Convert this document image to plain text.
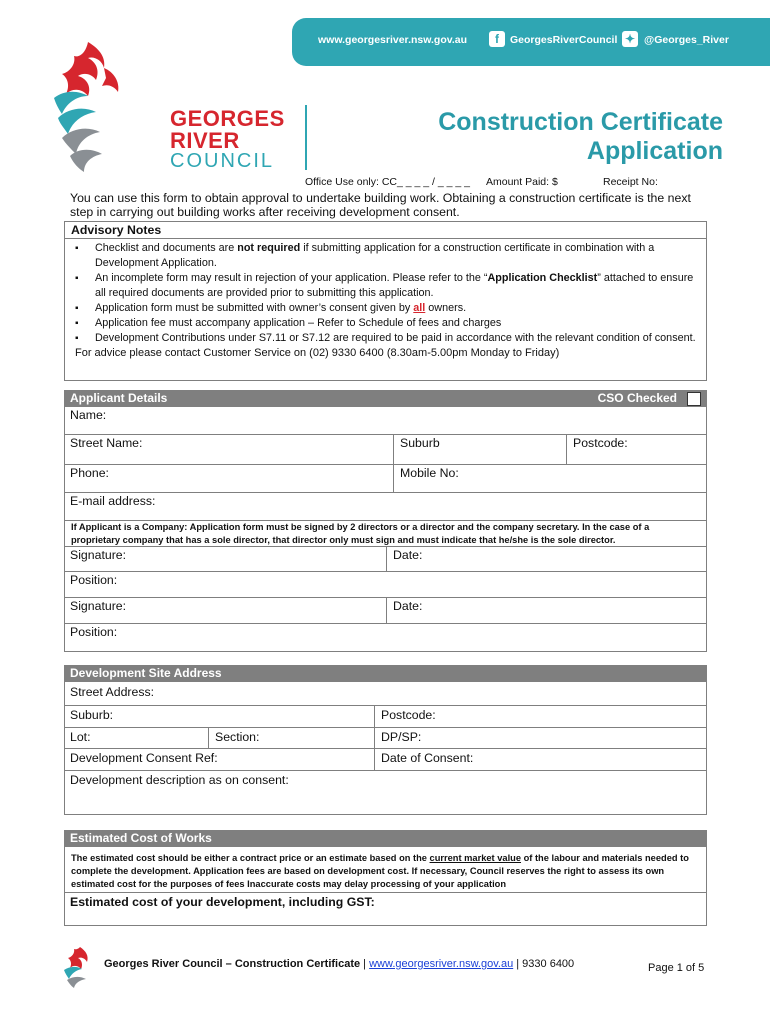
www.georgesriver.nsw.gov.au	f	GeorgesRiverCouncil ✦ @Georges_River
GEORGES
RIVER
COUNCIL
Construction Certificate
Application
Office Use only: CC_ _ _ _ / _ _ _ _ Amount Paid: $	Receipt No:
You can use this form to obtain approval to undertake building work. Obtaining a construction certificate is the next step in carrying out building works after receiving development consent.
Advisory Notes
▪ Checklist and documents are not required if submitting application for a construction certificate in combination with a Development Application.
▪ An incomplete form may result in rejection of your application. Please refer to the “Application Checklist” attached to ensure all required documents are provided prior to submitting this application.
▪ Application form must be submitted with owner’s consent given by all owners.
▪ Application fee must accompany application – Refer to Schedule of fees and charges
▪ Development Contributions under S7.11 or S7.12 are required to be paid in accordance with the relevant condition of consent.
For advice please contact Customer Service on (02) 9330 6400 (8.30am-5.00pm Monday to Friday)
Applicant Details	CSO Checked
Name:
Street Name:	Suburb	Postcode:
Phone:	Mobile No:
E-mail address:
If Applicant is a Company: Application form must be signed by 2 directors or a director and the company secretary. In the case of a proprietary company that has a sole director, that director only must sign and must indicate that he/she is the sole director.
Signature:	Date:
Position:
Signature:	Date:
Position:
Development Site Address
Street Address:
Suburb:	Postcode:
Lot:	Section:	DP/SP:
Development Consent Ref:	Date of Consent:
Development description as on consent:
Estimated Cost of Works
The estimated cost should be either a contract price or an estimate based on the current market value of the labour and materials needed to complete the development. Application fees are based on development cost. If necessary, Council reserves the right to assess its own estimated cost for the purposes of fees Inaccurate costs may delay processing of your application
Estimated cost of your development, including GST:
Georges River Council – Construction Certificate | www.georgesriver.nsw.gov.au | 9330 6400	Page 1 of 5
